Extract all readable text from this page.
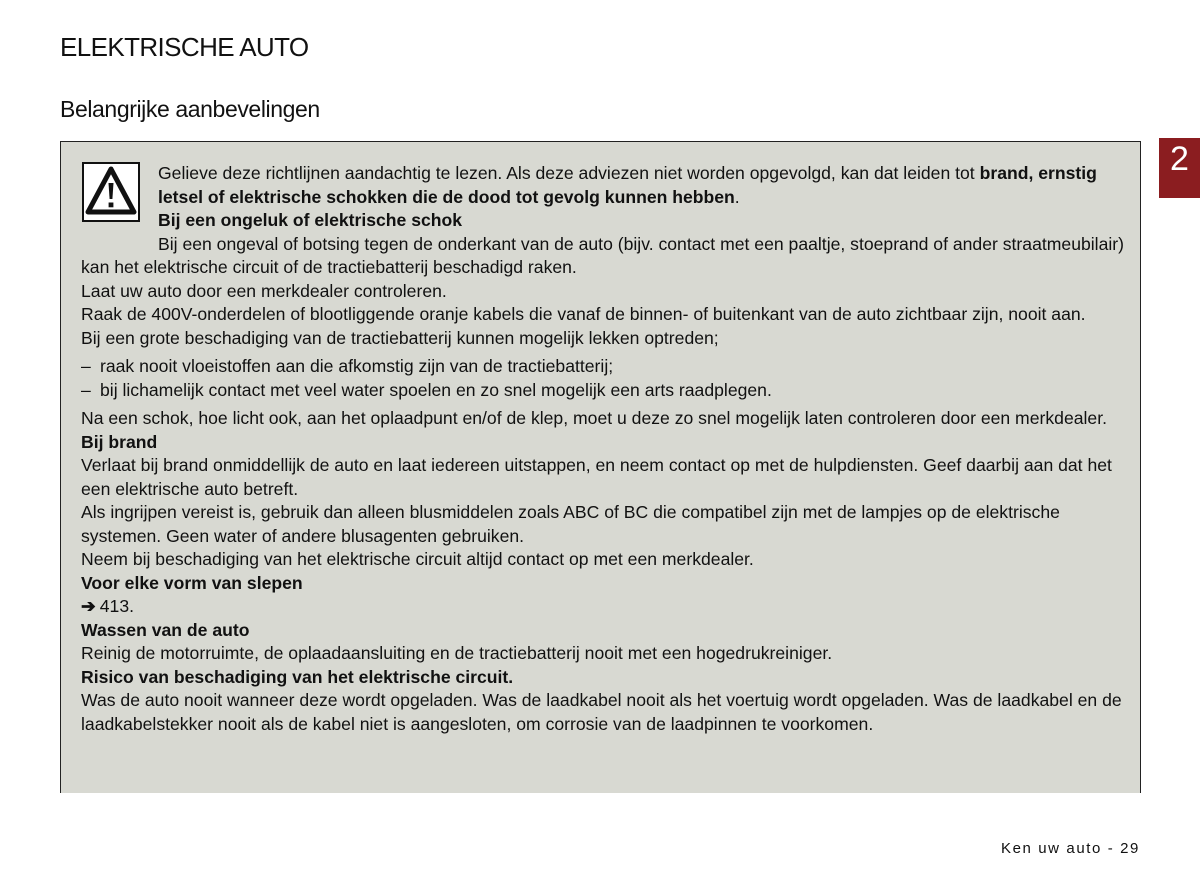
ELEKTRISCHE AUTO
Belangrijke aanbevelingen
2

Gelieve deze richtlijnen aandachtig te lezen. Als deze adviezen niet worden opgevolgd, kan dat leiden tot brand, ernstig letsel of elektrische schokken die de dood tot gevolg kunnen hebben.

Bij een ongeluk of elektrische schok

Bij een ongeval of botsing tegen de onderkant van de auto (bijv. contact met een paaltje, stoeprand of ander straatmeubilair) kan het elektrische circuit of de tractiebatterij beschadigd raken.

Laat uw auto door een merkdealer controleren.

Raak de 400V-onderdelen of blootliggende oranje kabels die vanaf de binnen- of buitenkant van de auto zichtbaar zijn, nooit aan.

Bij een grote beschadiging van de tractiebatterij kunnen mogelijk lekken optreden;

– raak nooit vloeistoffen aan die afkomstig zijn van de tractiebatterij;
– bij lichamelijk contact met veel water spoelen en zo snel mogelijk een arts raadplegen.

Na een schok, hoe licht ook, aan het oplaadpunt en/of de klep, moet u deze zo snel mogelijk laten controleren door een merkdealer.

Bij brand

Verlaat bij brand onmiddellijk de auto en laat iedereen uitstappen, en neem contact op met de hulpdiensten. Geef daarbij aan dat het een elektrische auto betreft.

Als ingrijpen vereist is, gebruik dan alleen blusmiddelen zoals ABC of BC die compatibel zijn met de lampjes op de elektrische systemen. Geen water of andere blusagenten gebruiken.

Neem bij beschadiging van het elektrische circuit altijd contact op met een merkdealer.

Voor elke vorm van slepen

➔ 413.

Wassen van de auto

Reinig de motorruimte, de oplaadaansluiting en de tractiebatterij nooit met een hogedrukreiniger.

Risico van beschadiging van het elektrische circuit.

Was de auto nooit wanneer deze wordt opgeladen. Was de laadkabel nooit als het voertuig wordt opgeladen. Was de laadkabel en de laadkabelstekker nooit als de kabel niet is aangesloten, om corrosie van de laadpinnen te voorkomen.

Ken uw auto - 29
